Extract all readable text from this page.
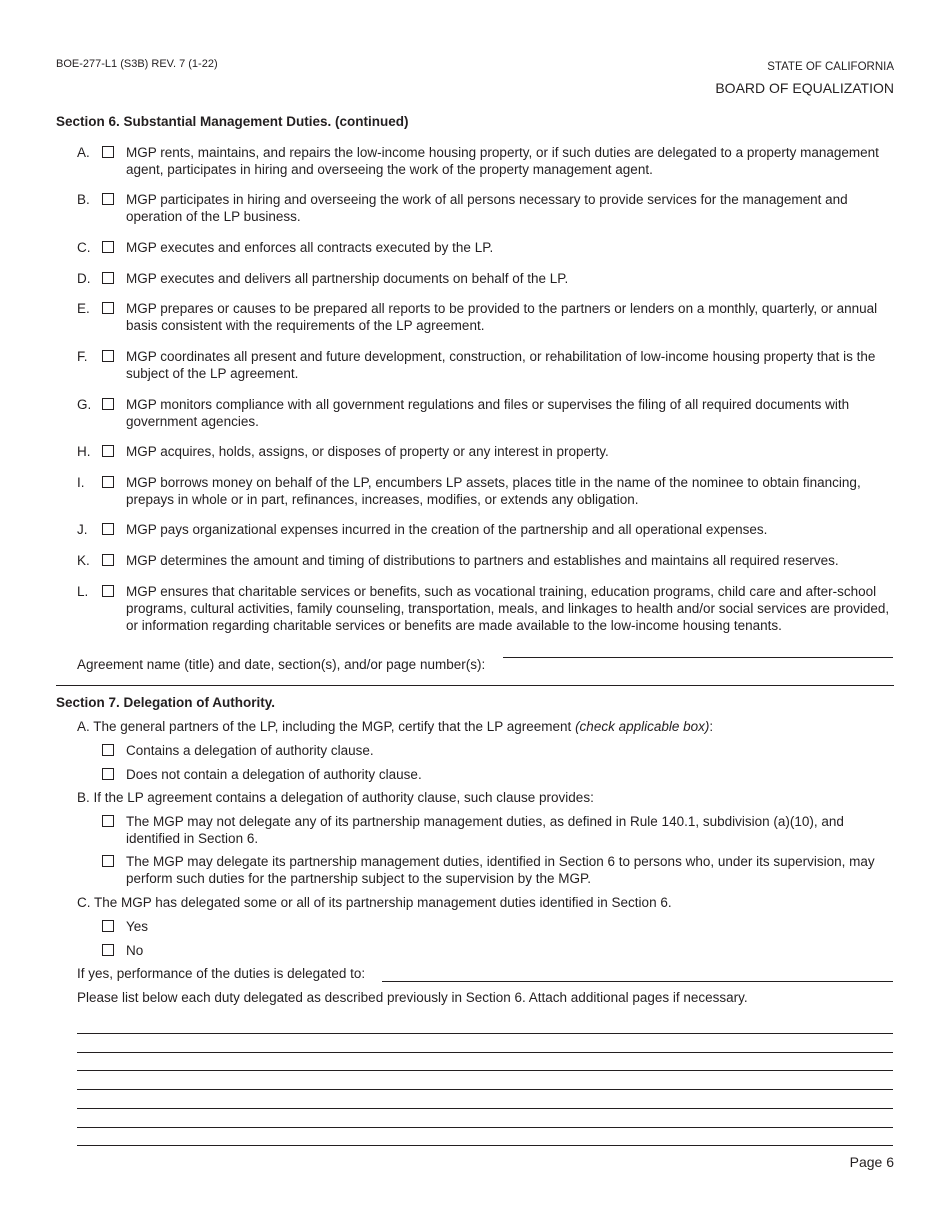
BOE-277-L1 (S3B) REV. 7 (1-22)	STATE OF CALIFORNIA
BOARD OF EQUALIZATION
Section 6. Substantial Management Duties. (continued)
A.	MGP rents, maintains, and repairs the low-income housing property, or if such duties are delegated to a property management agent, participates in hiring and overseeing the work of the property management agent.
B.	MGP participates in hiring and overseeing the work of all persons necessary to provide services for the management and operation of the LP business.
C.	MGP executes and enforces all contracts executed by the LP.
D.	MGP executes and delivers all partnership documents on behalf of the LP.
E.	MGP prepares or causes to be prepared all reports to be provided to the partners or lenders on a monthly, quarterly, or annual basis consistent with the requirements of the LP agreement.
F.	MGP coordinates all present and future development, construction, or rehabilitation of low-income housing property that is the subject of the LP agreement.
G.	MGP monitors compliance with all government regulations and files or supervises the filing of all required documents with government agencies.
H.	MGP acquires, holds, assigns, or disposes of property or any interest in property.
I.	MGP borrows money on behalf of the LP, encumbers LP assets, places title in the name of the nominee to obtain financing, prepays in whole or in part, refinances, increases, modifies, or extends any obligation.
J.	MGP pays organizational expenses incurred in the creation of the partnership and all operational expenses.
K.	MGP determines the amount and timing of distributions to partners and establishes and maintains all required reserves.
L.	MGP ensures that charitable services or benefits, such as vocational training, education programs, child care and after-school programs, cultural activities, family counseling, transportation, meals, and linkages to health and/or social services are provided, or information regarding charitable services or benefits are made available to the low-income housing tenants.
Agreement name (title) and date, section(s), and/or page number(s):
Section 7. Delegation of Authority.
A. The general partners of the LP, including the MGP, certify that the LP agreement (check applicable box):
Contains a delegation of authority clause.
Does not contain a delegation of authority clause.
B. If the LP agreement contains a delegation of authority clause, such clause provides:
The MGP may not delegate any of its partnership management duties, as defined in Rule 140.1, subdivision (a)(10), and identified in Section 6.
The MGP may delegate its partnership management duties, identified in Section 6 to persons who, under its supervision, may perform such duties for the partnership subject to the supervision by the MGP.
C. The MGP has delegated some or all of its partnership management duties identified in Section 6.
Yes
No
If yes, performance of the duties is delegated to:
Please list below each duty delegated as described previously in Section 6. Attach additional pages if necessary.
Page 6
